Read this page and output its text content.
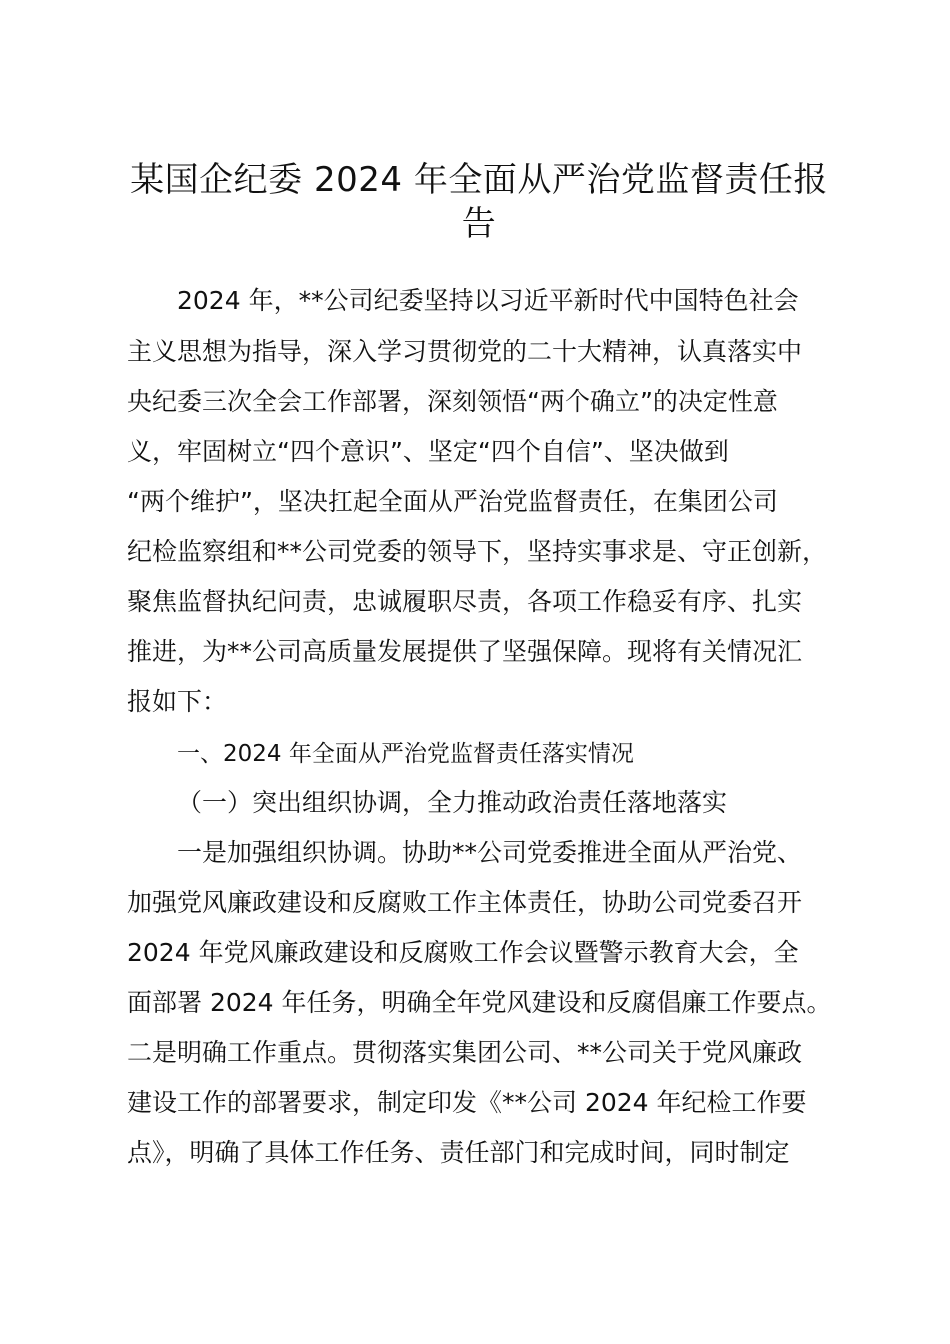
某国企纪委 2024 年全面从严治党监督责任报
告

2024 年，**公司纪委坚持以习近平新时代中国特色社会

主义思想为指导，深入学习贯彻党的二十大精神，认真落实中

央纪委三次全会工作部署，深刻领悟“两个确立”的决定性意

义，牢固树立“四个意识”、坚定“四个自信”、坚决做到

“两个维护”，坚决扛起全面从严治党监督责任，在集团公司

纪检监察组和**公司党委的领导下，坚持实事求是、守正创新，

聚焦监督执纪问责，忠诚履职尽责，各项工作稳妥有序、扎实

推进，为**公司高质量发展提供了坚强保障。现将有关情况汇

报如下：

一、2024 年全面从严治党监督责任落实情况

（一）突出组织协调，全力推动政治责任落地落实

一是加强组织协调。协助**公司党委推进全面从严治党、

加强党风廉政建设和反腐败工作主体责任，协助公司党委召开

2024 年党风廉政建设和反腐败工作会议暨警示教育大会，全

面部署 2024 年任务，明确全年党风建设和反腐倡廉工作要点。

二是明确工作重点。贯彻落实集团公司、**公司关于党风廉政

建设工作的部署要求，制定印发《**公司 2024 年纪检工作要

点》，明确了具体工作任务、责任部门和完成时间，同时制定
